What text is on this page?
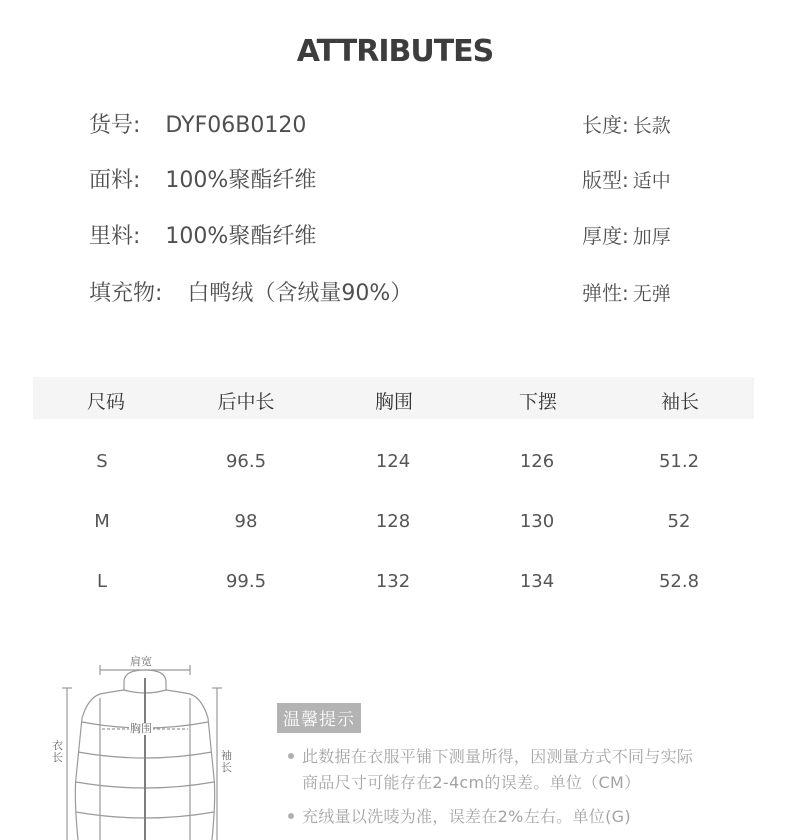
ATTRIBUTES
货号: DYF06B0120
面料: 100%聚酯纤维
里料: 100%聚酯纤维
填充物: 白鸭绒（含绒量90%）
长度: 长款
版型: 适中
厚度: 加厚
弹性: 无弹
尺码	后中长	胸围	下摆	袖长
S	96.5	124	126	51.2
M	98	128	130	52
L	99.5	132	134	52.8
肩宽
胸围
衣长	袖长
温馨提示
此数据在衣服平铺下测量所得，因测量方式不同与实际
商品尺寸可能存在2-4cm的误差。单位（CM）
充绒量以洗唛为准，误差在2%左右。单位(G)
